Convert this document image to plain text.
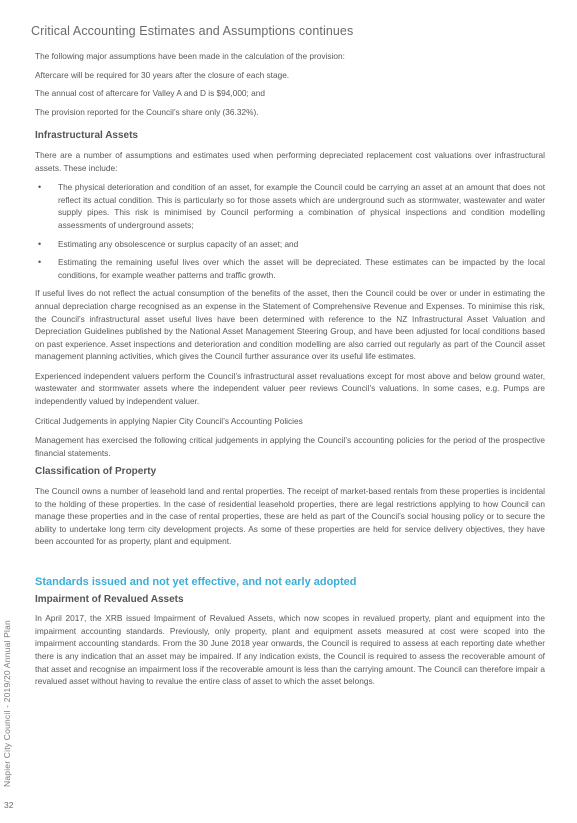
Critical Accounting Estimates and Assumptions continues

The following major assumptions have been made in the calculation of the provision:

Aftercare will be required for 30 years after the closure of each stage.

The annual cost of aftercare for Valley A and D is $94,000; and

The provision reported for the Council’s share only (36.32%).

Infrastructural Assets

There are a number of assumptions and estimates used when performing depreciated replacement cost valuations over infrastructural assets. These include:

• The physical deterioration and condition of an asset, for example the Council could be carrying an asset at an amount that does not reflect its actual condition. This is particularly so for those assets which are underground such as stormwater, wastewater and water supply pipes. This risk is minimised by Council performing a combination of physical inspections and condition modelling assessments of underground assets;
• Estimating any obsolescence or surplus capacity of an asset; and
• Estimating the remaining useful lives over which the asset will be depreciated. These estimates can be impacted by the local conditions, for example weather patterns and traffic growth.

If useful lives do not reflect the actual consumption of the benefits of the asset, then the Council could be over or under in estimating the annual depreciation charge recognised as an expense in the Statement of Comprehensive Revenue and Expenses. To minimise this risk, the Council’s infrastructural asset useful lives have been determined with reference to the NZ Infrastructural Asset Valuation and Depreciation Guidelines published by the National Asset Management Steering Group, and have been adjusted for local conditions based on past experience. Asset inspections and deterioration and condition modelling are also carried out regularly as part of the Council asset management planning activities, which gives the Council further assurance over its useful life estimates.

Experienced independent valuers perform the Council’s infrastructural asset revaluations except for most above and below ground water, wastewater and stormwater assets where the independent valuer peer reviews Council’s valuations. In some cases, e.g. Pumps are independently valued by independent valuer.

Critical Judgements in applying Napier City Council’s Accounting Policies

Management has exercised the following critical judgements in applying the Council’s accounting policies for the period of the prospective financial statements.

Classification of Property

The Council owns a number of leasehold land and rental properties. The receipt of market-based rentals from these properties is incidental to the holding of these properties. In the case of residential leasehold properties, there are legal restrictions applying to how Council can manage these properties and in the case of rental properties, these are held as part of the Council’s social housing policy or to secure the ability to undertake long term city development projects. As some of these properties are held for service delivery objectives, they have been accounted for as property, plant and equipment.

Standards issued and not yet effective, and not early adopted
Impairment of Revalued Assets

In April 2017, the XRB issued Impairment of Revalued Assets, which now scopes in revalued property, plant and equipment into the impairment accounting standards. Previously, only property, plant and equipment assets measured at cost were scoped into the impairment accounting standards. From the 30 June 2018 year onwards, the Council is required to assess at each reporting date whether there is any indication that an asset may be impaired. If any indication exists, the Council is required to assess the recoverable amount of that asset and recognise an impairment loss if the recoverable amount is less than the carrying amount. The Council can therefore impair a revalued asset without having to revalue the entire class of asset to which the asset belongs.

Napier City Council - 2019/20 Annual Plan
32
